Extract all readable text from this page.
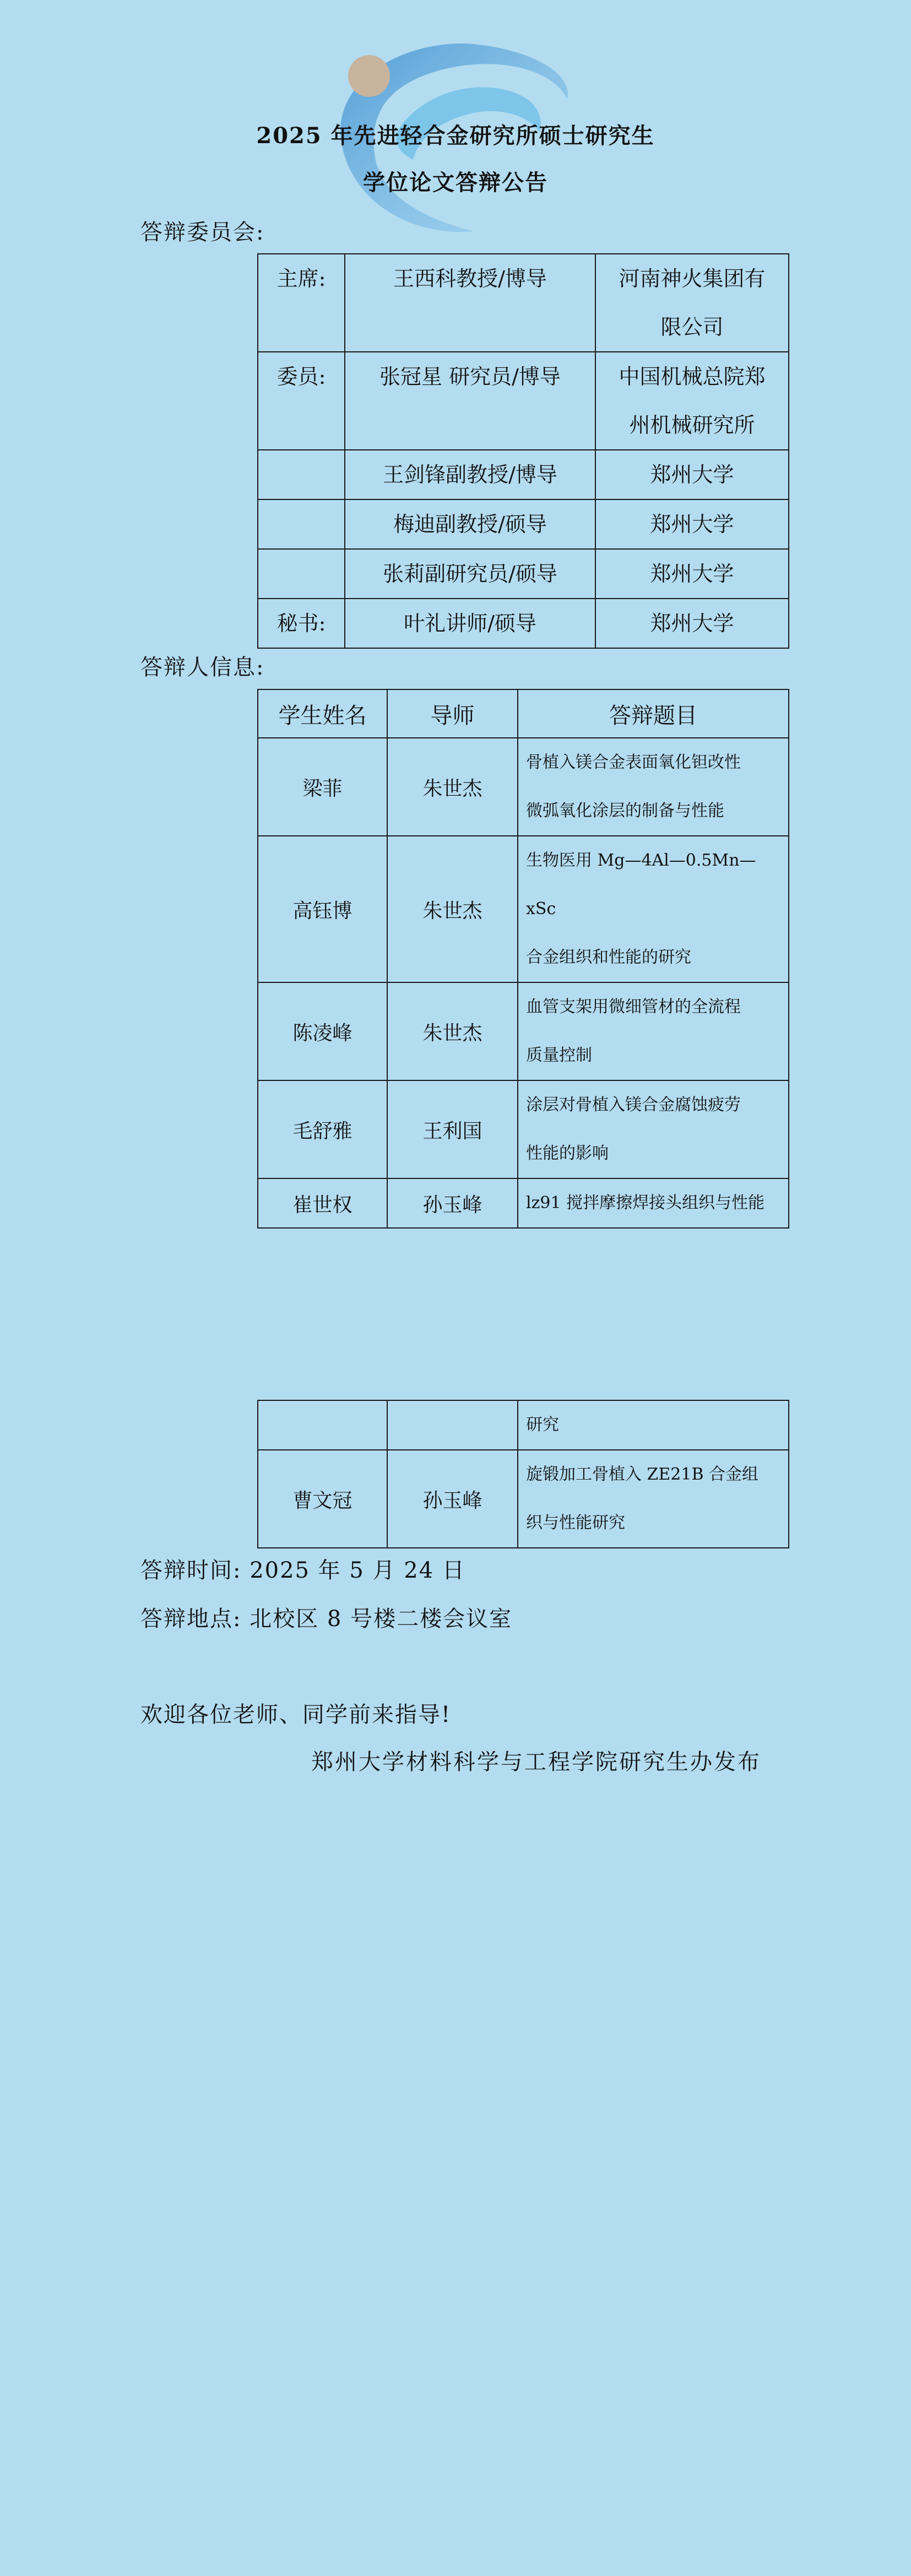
2025 年先进轻合金研究所硕士研究生
学位论文答辩公告
答辩委员会:
主席:	王西科教授/博导	河南神火集团有
限公司

委员:	张冠星 研究员/博导	中国机械总院郑
州机械研究所

	王剑锋副教授/博导	郑州大学
	梅迪副教授/硕导	郑州大学
	张莉副研究员/硕导	郑州大学
秘书:	叶礼讲师/硕导	郑州大学
答辩人信息:
学生姓名	导师	答辩题目
梁菲	朱世杰	骨植入镁合金表面氧化钽改性
微弧氧化涂层的制备与性能

高钰博	朱世杰	生物医用 Mg—4Al—0.5Mn—xSc
合金组织和性能的研究

陈凌峰	朱世杰	血管支架用微细管材的全流程
质量控制

毛舒雅	王利国	涂层对骨植入镁合金腐蚀疲劳
性能的影响

崔世权	孙玉峰	lz91 搅拌摩擦焊接头组织与性能

		研究

曹文冠	孙玉峰	旋锻加工骨植入 ZE21B 合金组
织与性能研究
答辩时间: 2025 年 5 月 24 日
答辩地点: 北校区 8 号楼二楼会议室
欢迎各位老师、同学前来指导!
郑州大学材料科学与工程学院研究生办发布
